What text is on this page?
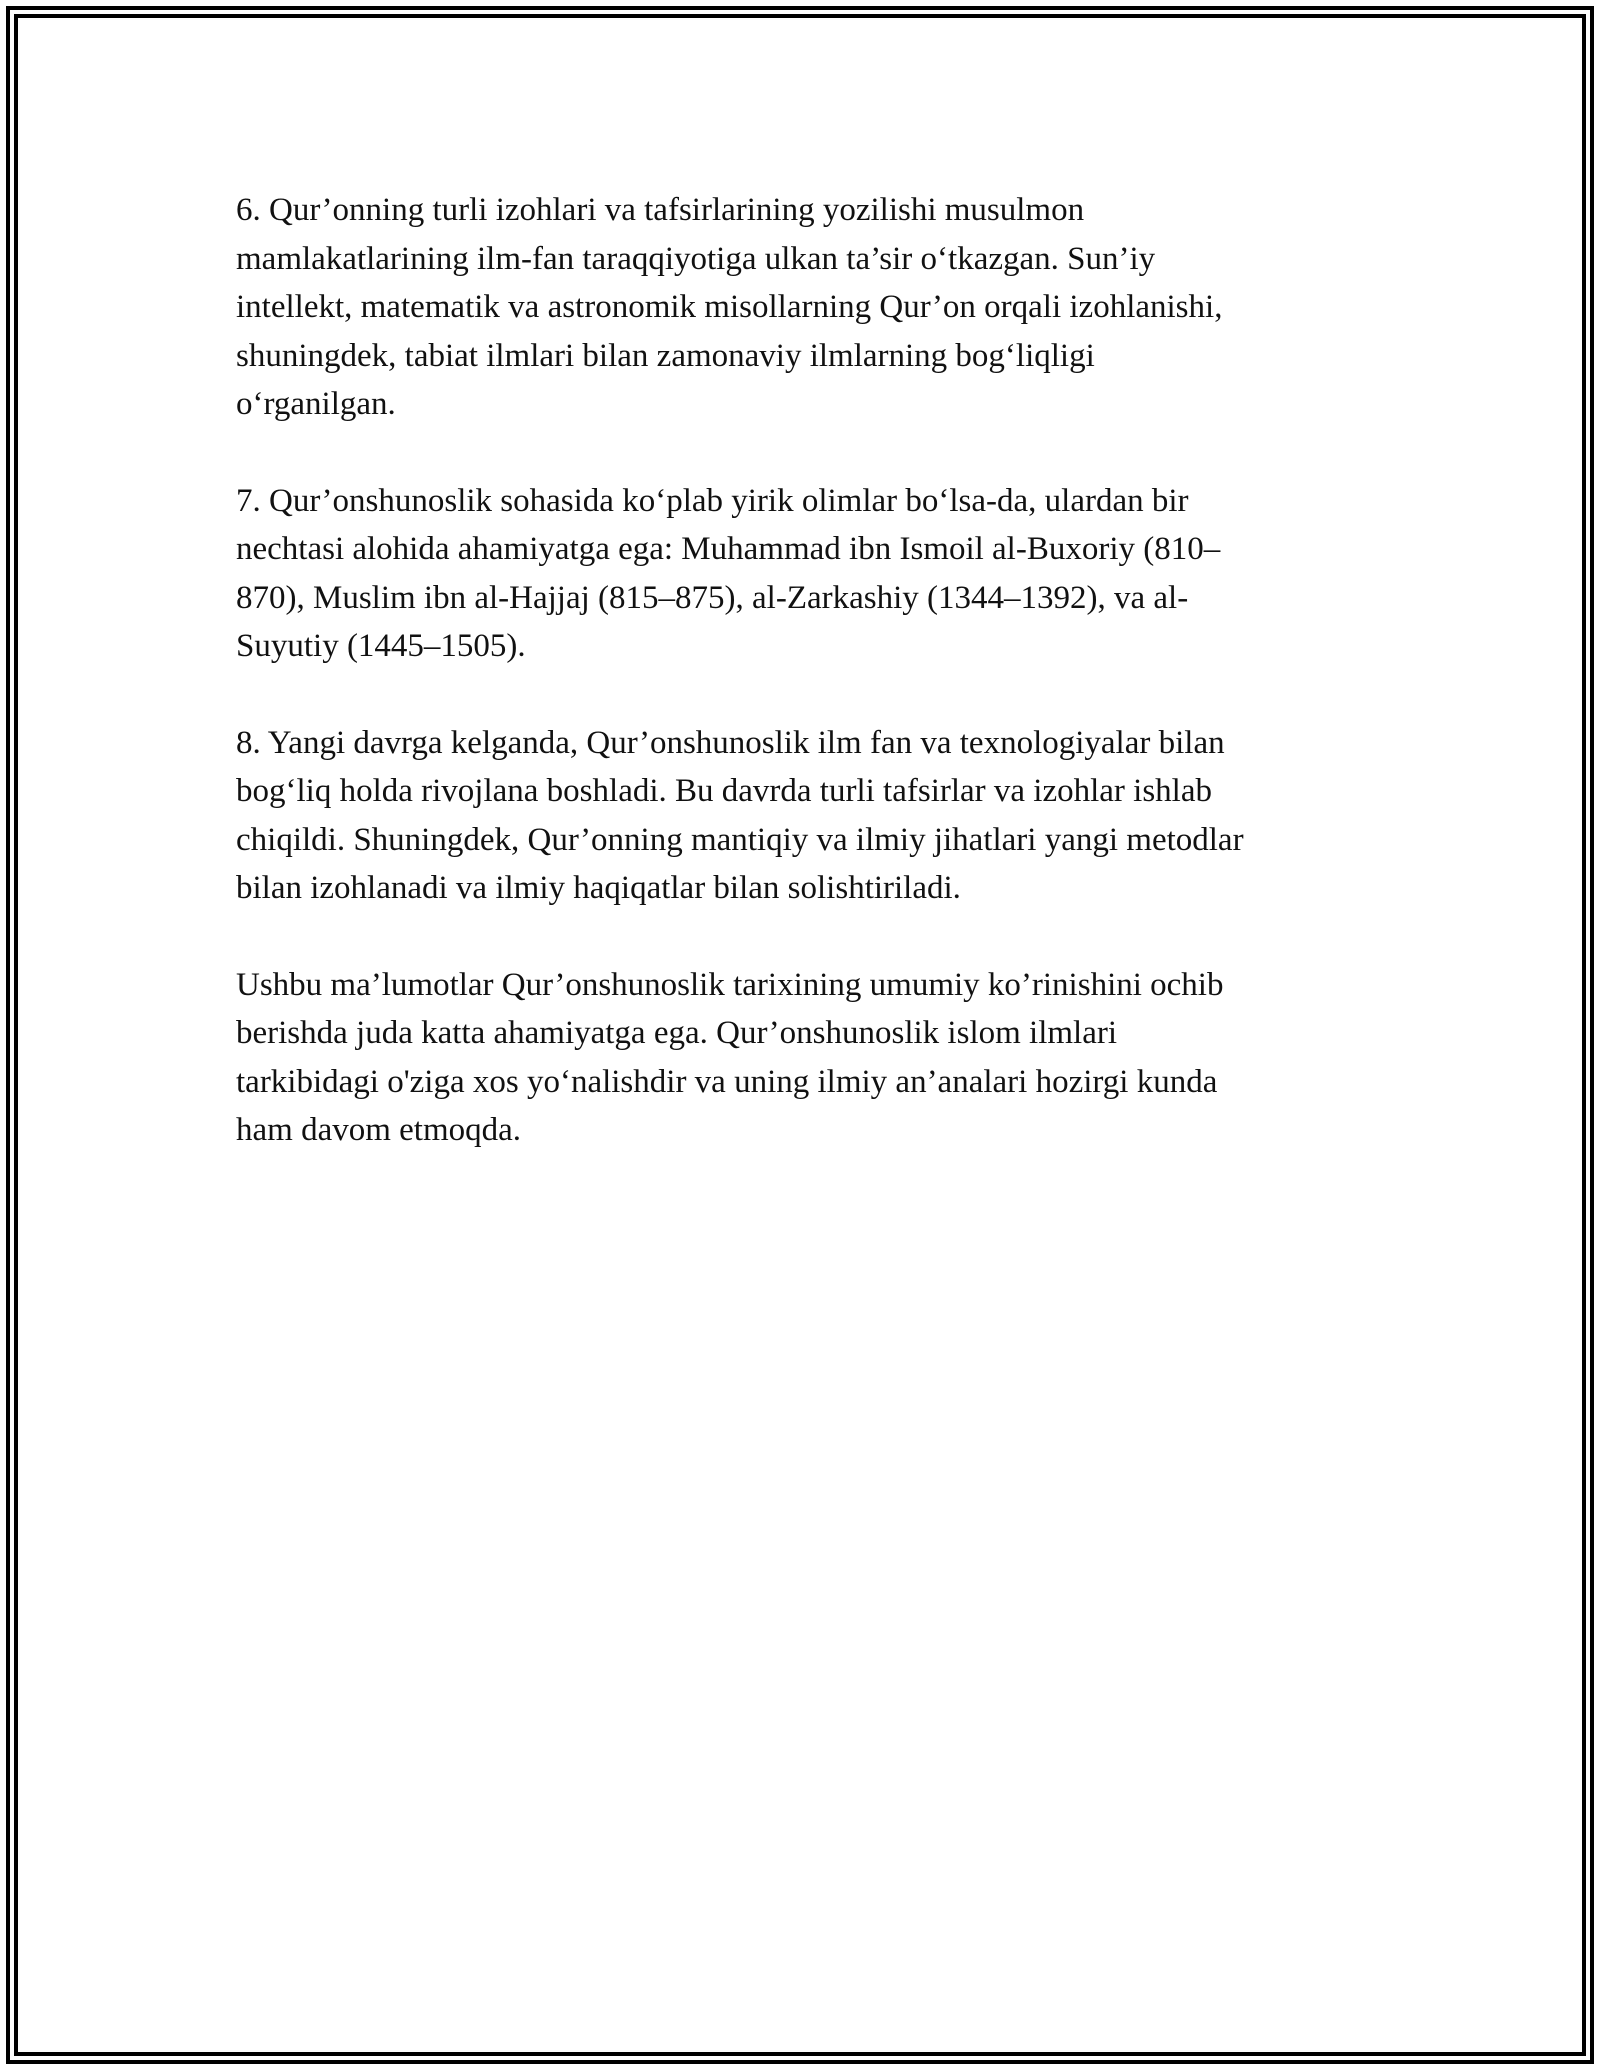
6. Qur’onning turli izohlari va tafsirlarining yozilishi musulmon
mamlakatlarining ilm-fan taraqqiyotiga ulkan ta’sir o‘tkazgan. Sun’iy
intellekt, matematik va astronomik misollarning Qur’on orqali izohlanishi,
shuningdek, tabiat ilmlari bilan zamonaviy ilmlarning bog‘liqligi
o‘rganilgan.

7. Qur’onshunoslik sohasida ko‘plab yirik olimlar bo‘lsa-da, ulardan bir
nechtasi alohida ahamiyatga ega: Muhammad ibn Ismoil al-Buxoriy (810–
870), Muslim ibn al-Hajjaj (815–875), al-Zarkashiy (1344–1392), va al-
Suyutiy (1445–1505).

8. Yangi davrga kelganda, Qur’onshunoslik ilm fan va texnologiyalar bilan
bog‘liq holda rivojlana boshladi. Bu davrda turli tafsirlar va izohlar ishlab
chiqildi. Shuningdek, Qur’onning mantiqiy va ilmiy jihatlari yangi metodlar
bilan izohlanadi va ilmiy haqiqatlar bilan solishtiriladi.

Ushbu ma’lumotlar Qur’onshunoslik tarixining umumiy ko’rinishini ochib
berishda juda katta ahamiyatga ega. Qur’onshunoslik islom ilmlari
tarkibidagi o'ziga xos yo‘nalishdir va uning ilmiy an’analari hozirgi kunda
ham davom etmoqda.
